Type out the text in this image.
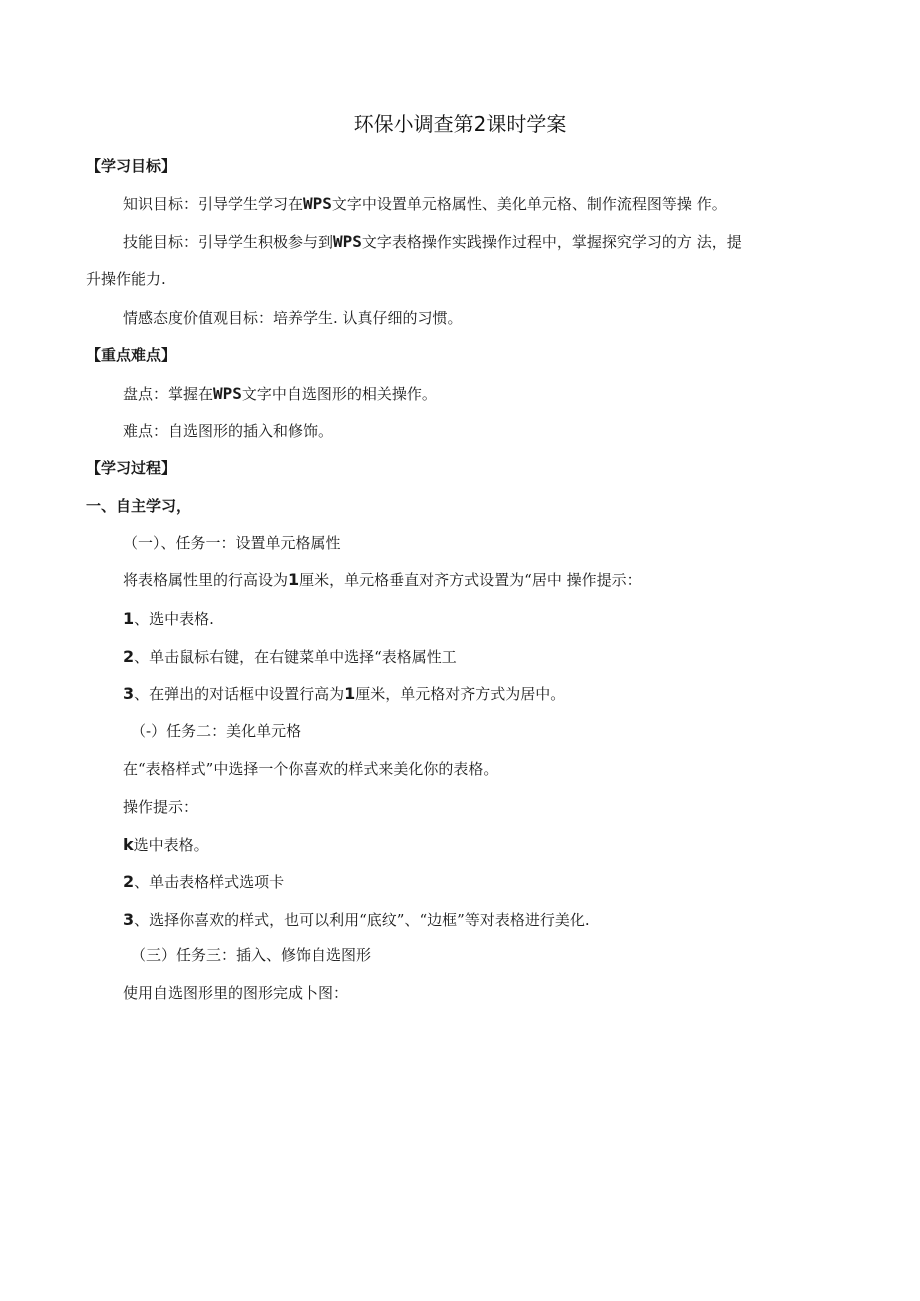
环保小调查第2课时学案
【学习目标】
知识目标：引导学生学习在WPS文字中设置单元格属性、美化单元格、制作流程图等操 作。
技能目标：引导学生积极参与到WPS文字表格操作实践操作过程中，掌握探究学习的方 法，提
升操作能力.
情感态度价值观目标：培养学生. 认真仔细的习惯。
【重点难点】
盘点：掌握在WPS文字中自选图形的相关操作。
难点：自选图形的插入和修饰。
【学习过程】
一、自主学习，
（一）、任务一：设置单元格属性
将表格属性里的行高设为1厘米，单元格垂直对齐方式设置为“居中 操作提示：
1、选中表格.
2、单击鼠标右键，在右键菜单中选择“表格属性工
3、在弹出的对话框中设置行高为1厘米，单元格对齐方式为居中。
（-）任务二：美化单元格
在“表格样式”中选择一个你喜欢的样式来美化你的表格。
操作提示：
k选中表格。
2、单击表格样式选项卡
3、选择你喜欢的样式，也可以利用“底纹”、“边框”等对表格进行美化.
（三）任务三：插入、修饰自选图形
使用自选图形里的图形完成卜图：
